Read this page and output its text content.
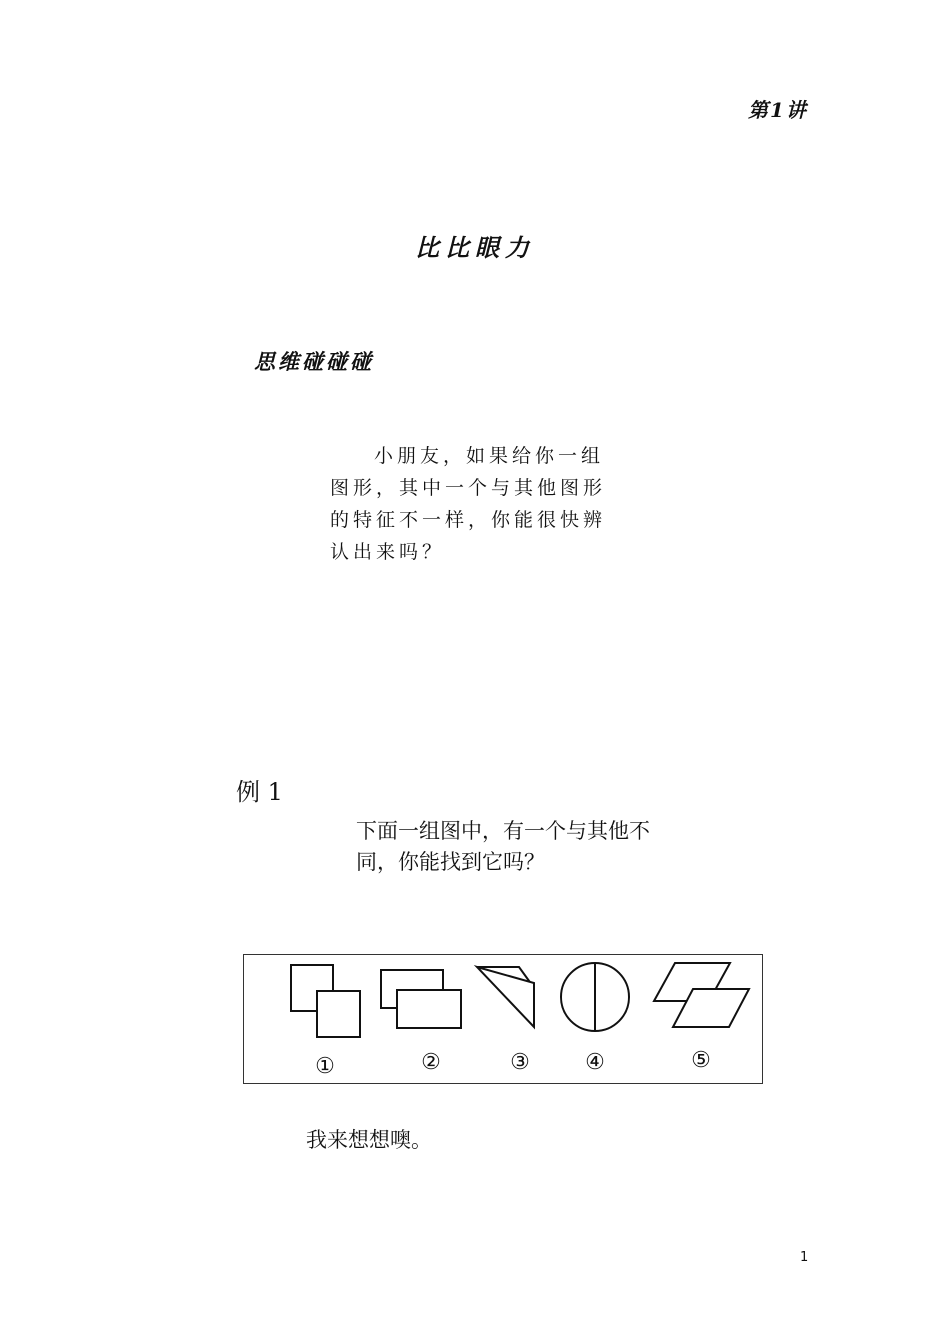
第1讲
比比眼力
思维碰碰碰
小朋友，如果给你一组
图形，其中一个与其他图形
的特征不一样，你能很快辨
认出来吗？
例 1
下面一组图中，有一个与其他不
同，你能找到它吗？
①	②	③	④	⑤
我来想想噢。
1
